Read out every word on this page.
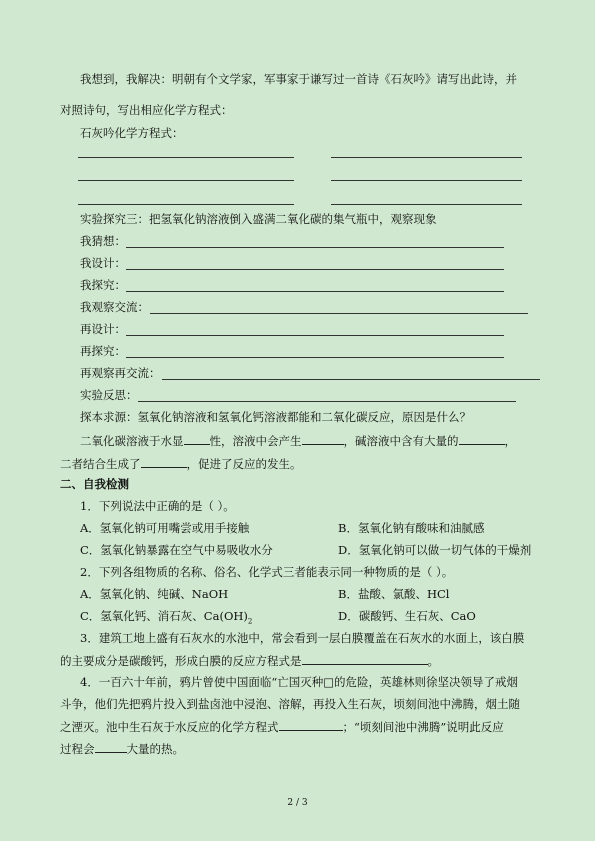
我想到，我解决：明朝有个文学家，军事家于谦写过一首诗《石灰吟》请写出此诗，并
对照诗句，写出相应化学方程式：
石灰吟化学方程式：
实验探究三：把氢氧化钠溶液倒入盛满二氧化碳的集气瓶中，观察现象
我猜想：
我设计：
我探究：
我观察交流：
再设计：
再探究：
再观察再交流：
实验反思：
探本求源：氢氧化钠溶液和氢氧化钙溶液都能和二氧化碳反应，原因是什么？
二氧化碳溶液于水显 性，溶液中会产生	，碱溶液中含有大量的	，
二者结合生成了	，促进了反应的发生。
二、自我检测
1．下列说法中正确的是（ ）。
A．氢氧化钠可用嘴尝或用手接触	B．氢氧化钠有酸味和油腻感
C．氢氧化钠暴露在空气中易吸收水分	D．氢氧化钠可以做一切气体的干燥剂
2．下列各组物质的名称、俗名、化学式三者能表示同一种物质的是（ ）。
A．氢氧化钠、纯碱、NaOH	B．盐酸、氯酸、HCl
C．氢氧化钙、消石灰、$Ca(OH)_2$	D．碳酸钙、生石灰、CaO
3．建筑工地上盛有石灰水的水池中，常会看到一层白膜覆盖在石灰水的水面上，该白膜
的主要成分是碳酸钙，形成白膜的反应方程式是	。
4．一百六十年前，鸦片曾使中国面临“亡国灭种□的危险，英雄林则徐坚决领导了戒烟
斗争，他们先把鸦片投入到盐卤池中浸泡、溶解，再投入生石灰，顷刻间池中沸腾，烟土随
之湮灭。池中生石灰于水反应的化学方程式	；“顷刻间池中沸腾”说明此反应
过程会	大量的热。
2 / 3
